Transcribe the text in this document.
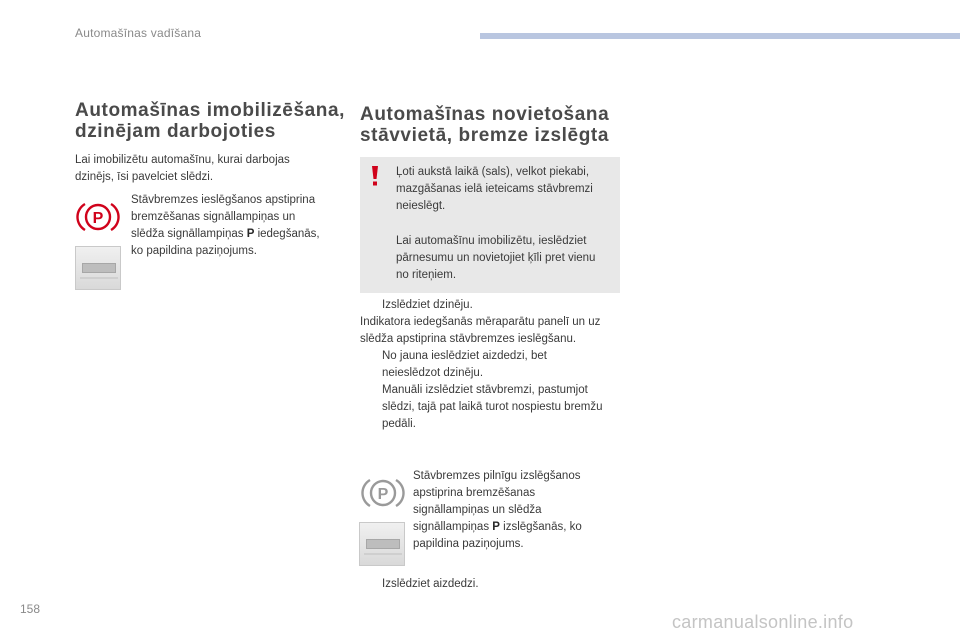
Automašīnas vadīšana
Automašīnas imobilizēšana,
dzinējam darbojoties
Lai imobilizētu automašīnu, kurai darbojas
dzinējs, īsi pavelciet slēdzi.
P
Stāvbremzes ieslēgšanos apstiprina
bremzēšanas signāllampiņas un
slēdža signāllampiņas P iedegšanās,
ko papildina paziņojums.
Automašīnas novietošana
stāvvietā, bremze izslēgta
Ļoti aukstā laikā (sals), velkot piekabi,
mazgāšanas ielā ieteicams stāvbremzi
neieslēgt.
Lai automašīnu imobilizētu, ieslēdziet
pārnesumu un novietojiet ķīli pret vienu
no riteņiem.
Izslēdziet dzinēju.
Indikatora iedegšanās mēraparātu panelī un uz
slēdža apstiprina stāvbremzes ieslēgšanu.
No jauna ieslēdziet aizdedzi, bet
neieslēdzot dzinēju.
Manuāli izslēdziet stāvbremzi, pastumjot
slēdzi, tajā pat laikā turot nospiestu bremžu
pedāli.
P
Stāvbremzes pilnīgu izslēgšanos
apstiprina bremzēšanas
signāllampiņas un slēdža
signāllampiņas P izslēgšanās, ko
papildina paziņojums.
Izslēdziet aizdedzi.
158
carmanualsonline.info
